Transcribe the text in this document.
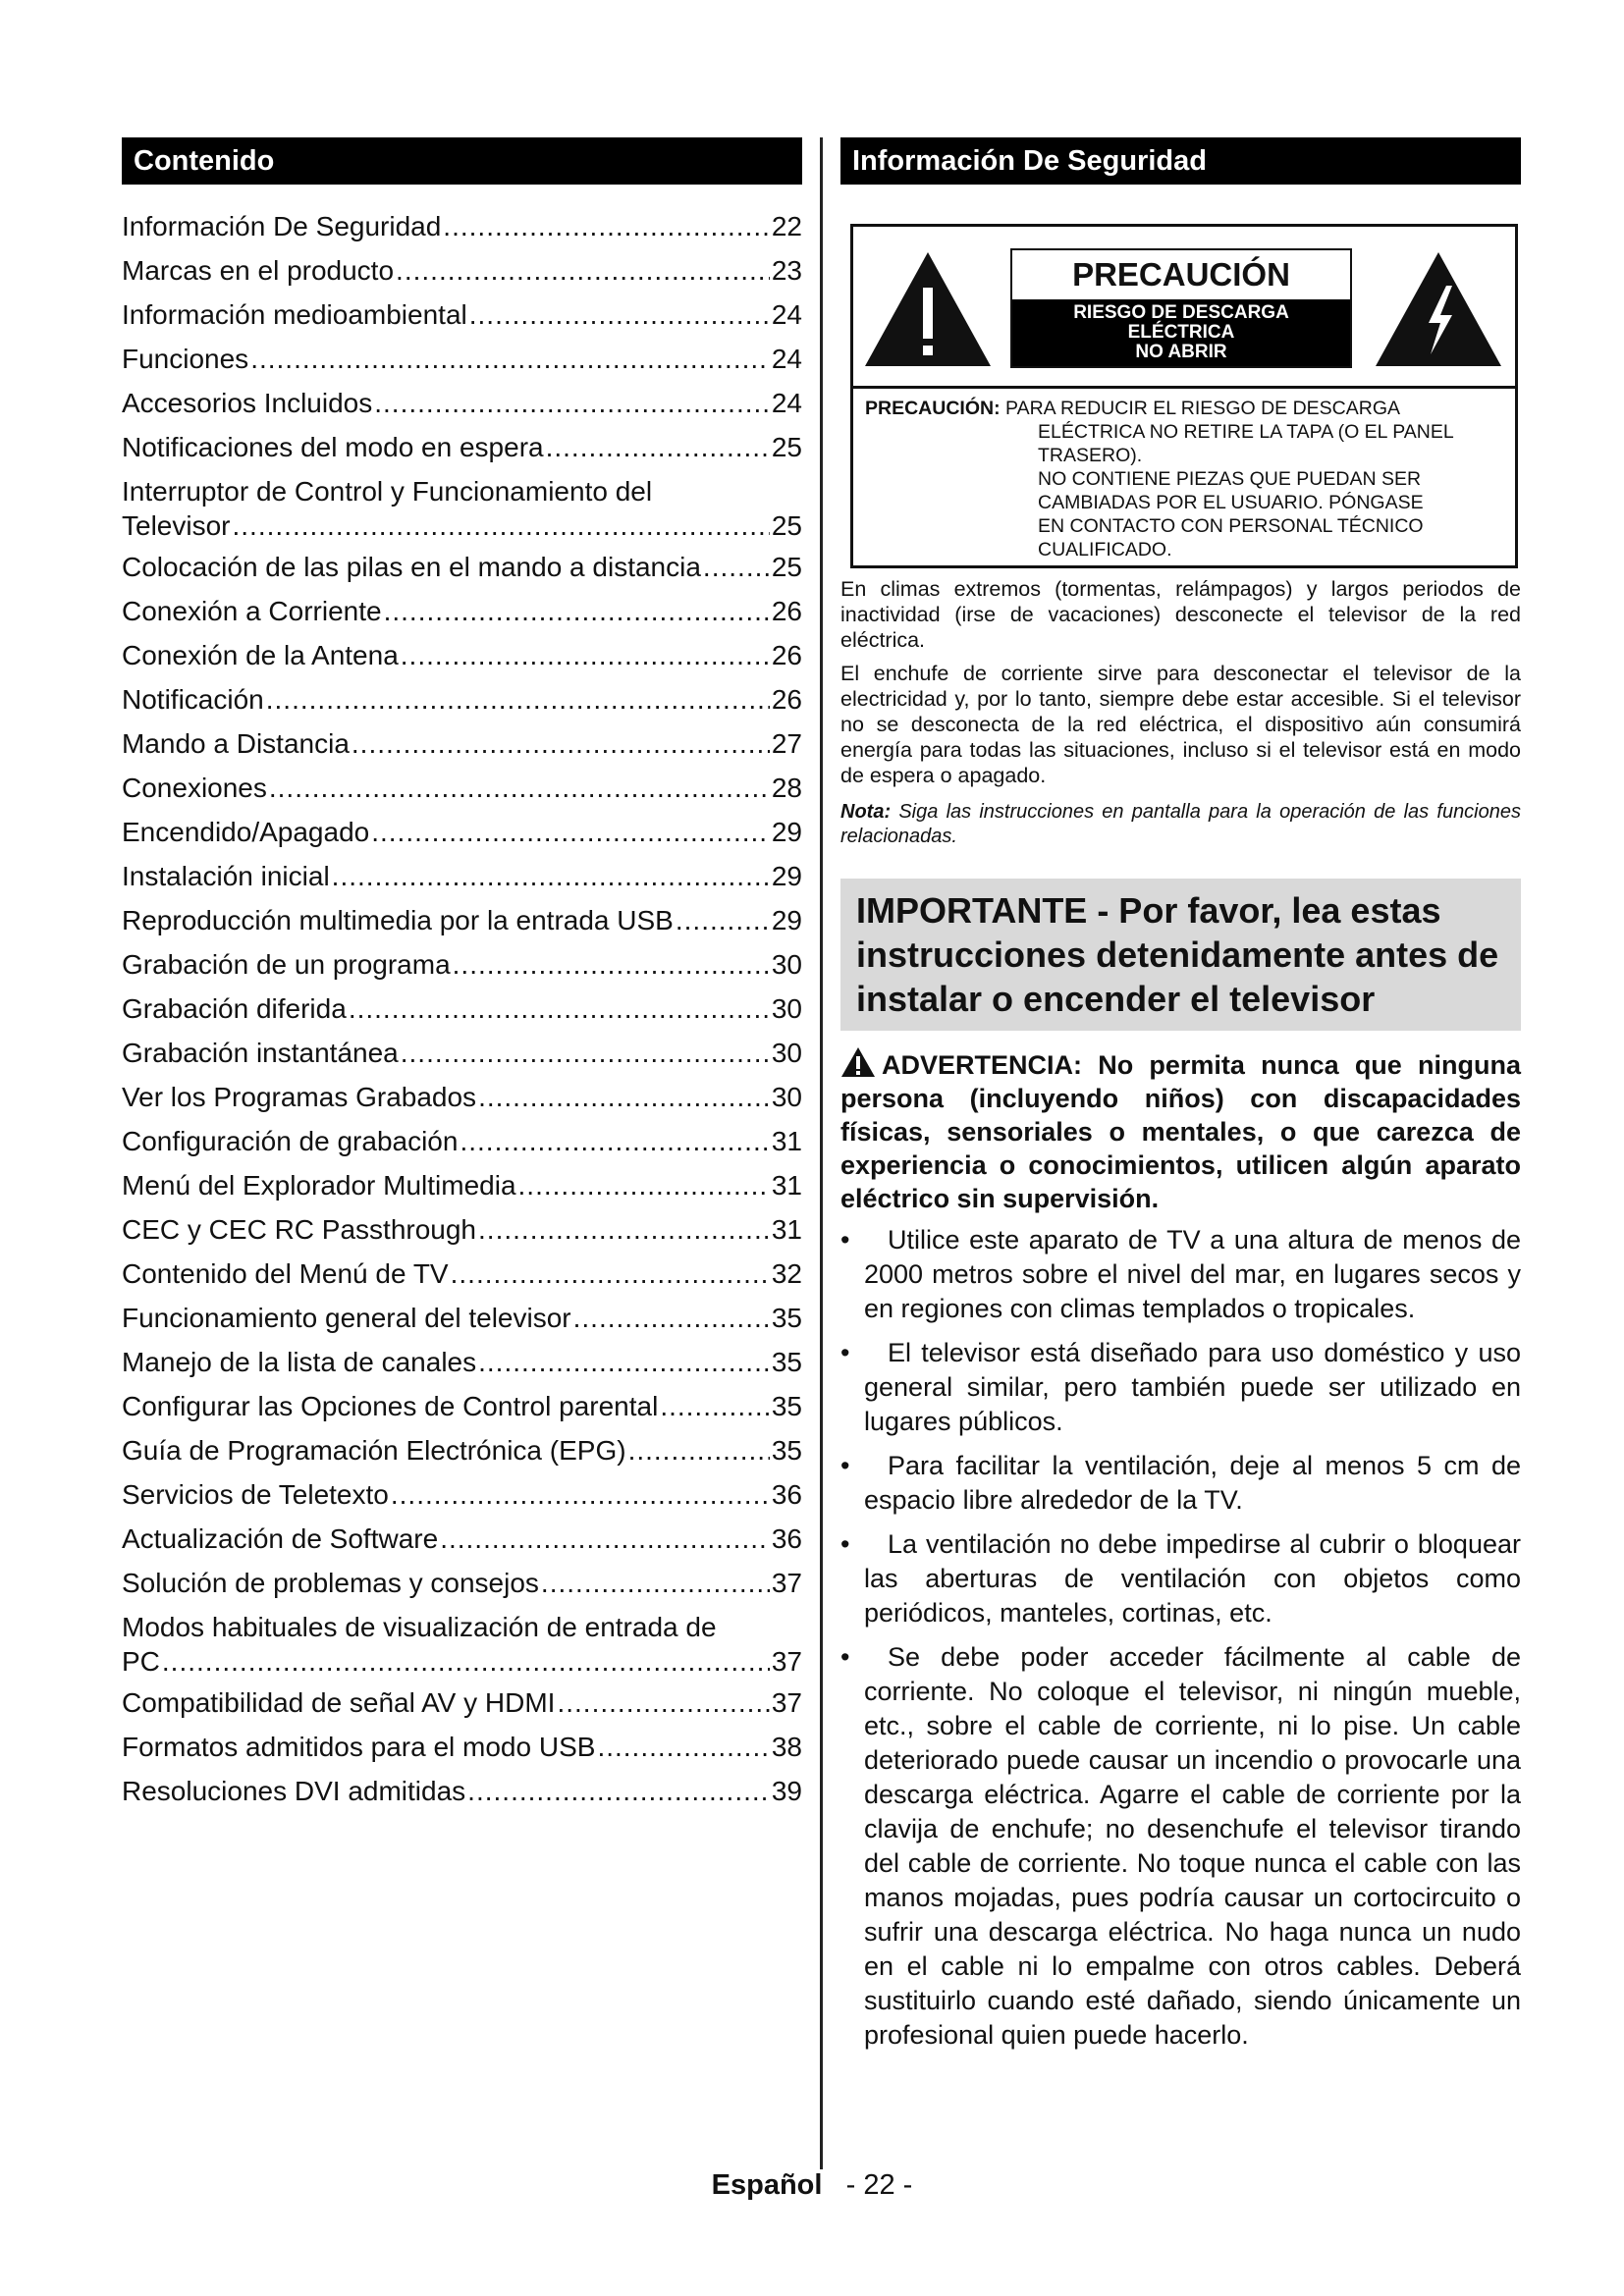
Contenido
Información De Seguridad .....	22
Marcas en el producto .....	23
Información medioambiental .....	24
Funciones .....	24
Accesorios Incluidos .....	24
Notificaciones del modo en espera .....	25
Interruptor de Control y Funcionamiento del
Televisor .....	25
Colocación de las pilas en el mando a distancia .....	25
Conexión a Corriente .....	26
Conexión de la Antena .....	26
Notificación .....	26
Mando a Distancia .....	27
Conexiones .....	28
Encendido/Apagado .....	29
Instalación inicial .....	29
Reproducción multimedia por la entrada USB .....	29
Grabación de un programa .....	30
Grabación diferida .....	30
Grabación instantánea .....	30
Ver los Programas Grabados .....	30
Configuración de grabación .....	31
Menú del Explorador Multimedia .....	31
CEC y CEC RC Passthrough .....	31
Contenido del Menú de TV .....	32
Funcionamiento general del televisor .....	35
Manejo de la lista de canales .....	35
Configurar las Opciones de Control parental .....	35
Guía de Programación Electrónica (EPG) .....	35
Servicios de Teletexto .....	36
Actualización de Software .....	36
Solución de problemas y consejos .....	37
Modos habituales de visualización de entrada de
PC .....	37
Compatibilidad de señal AV y HDMI .....	37
Formatos admitidos para el modo USB .....	38
Resoluciones DVI admitidas .....	39
Información De Seguridad
PRECAUCIÓN
RIESGO DE DESCARGA
ELÉCTRICA
NO ABRIR
PRECAUCIÓN: PARA REDUCIR EL RIESGO DE DESCARGA
ELÉCTRICA NO RETIRE LA TAPA (O EL PANEL
TRASERO).
NO CONTIENE PIEZAS QUE PUEDAN SER
CAMBIADAS POR EL USUARIO. PÓNGASE
EN CONTACTO CON PERSONAL TÉCNICO
CUALIFICADO.
En climas extremos (tormentas, relámpagos) y largos periodos de inactividad (irse de vacaciones) desconecte el televisor de la red eléctrica.
El enchufe de corriente sirve para desconectar el televisor de la electricidad y, por lo tanto, siempre debe estar accesible. Si el televisor no se desconecta de la red eléctrica, el dispositivo aún consumirá energía para todas las situaciones, incluso si el televisor está en modo de espera o apagado.
Nota: Siga las instrucciones en pantalla para la operación de las funciones relacionadas.
IMPORTANTE - Por favor, lea estas instrucciones detenidamente antes de instalar o encender el televisor
ADVERTENCIA: No permita nunca que ninguna persona (incluyendo niños) con discapacidades físicas, sensoriales o mentales, o que carezca de experiencia o conocimientos, utilicen algún aparato eléctrico sin supervisión.
•	Utilice este aparato de TV a una altura de menos de 2000 metros sobre el nivel del mar, en lugares secos y en regiones con climas templados o tropicales.
•	El televisor está diseñado para uso doméstico y uso general similar, pero también puede ser utilizado en lugares públicos.
•	Para facilitar la ventilación, deje al menos 5 cm de espacio libre alrededor de la TV.
•	La ventilación no debe impedirse al cubrir o bloquear las aberturas de ventilación con objetos como periódicos, manteles, cortinas, etc.
•	Se debe poder acceder fácilmente al cable de corriente. No coloque el televisor, ni ningún mueble, etc., sobre el cable de corriente, ni lo pise. Un cable deteriorado puede causar un incendio o provocarle una descarga eléctrica. Agarre el cable de corriente por la clavija de enchufe; no desenchufe el televisor tirando del cable de corriente. No toque nunca el cable con las manos mojadas, pues podría causar un cortocircuito o sufrir una descarga eléctrica. No haga nunca un nudo en el cable ni lo empalme con otros cables. Deberá sustituirlo cuando esté dañado, siendo únicamente un profesional quien puede hacerlo.
Español - 22 -
